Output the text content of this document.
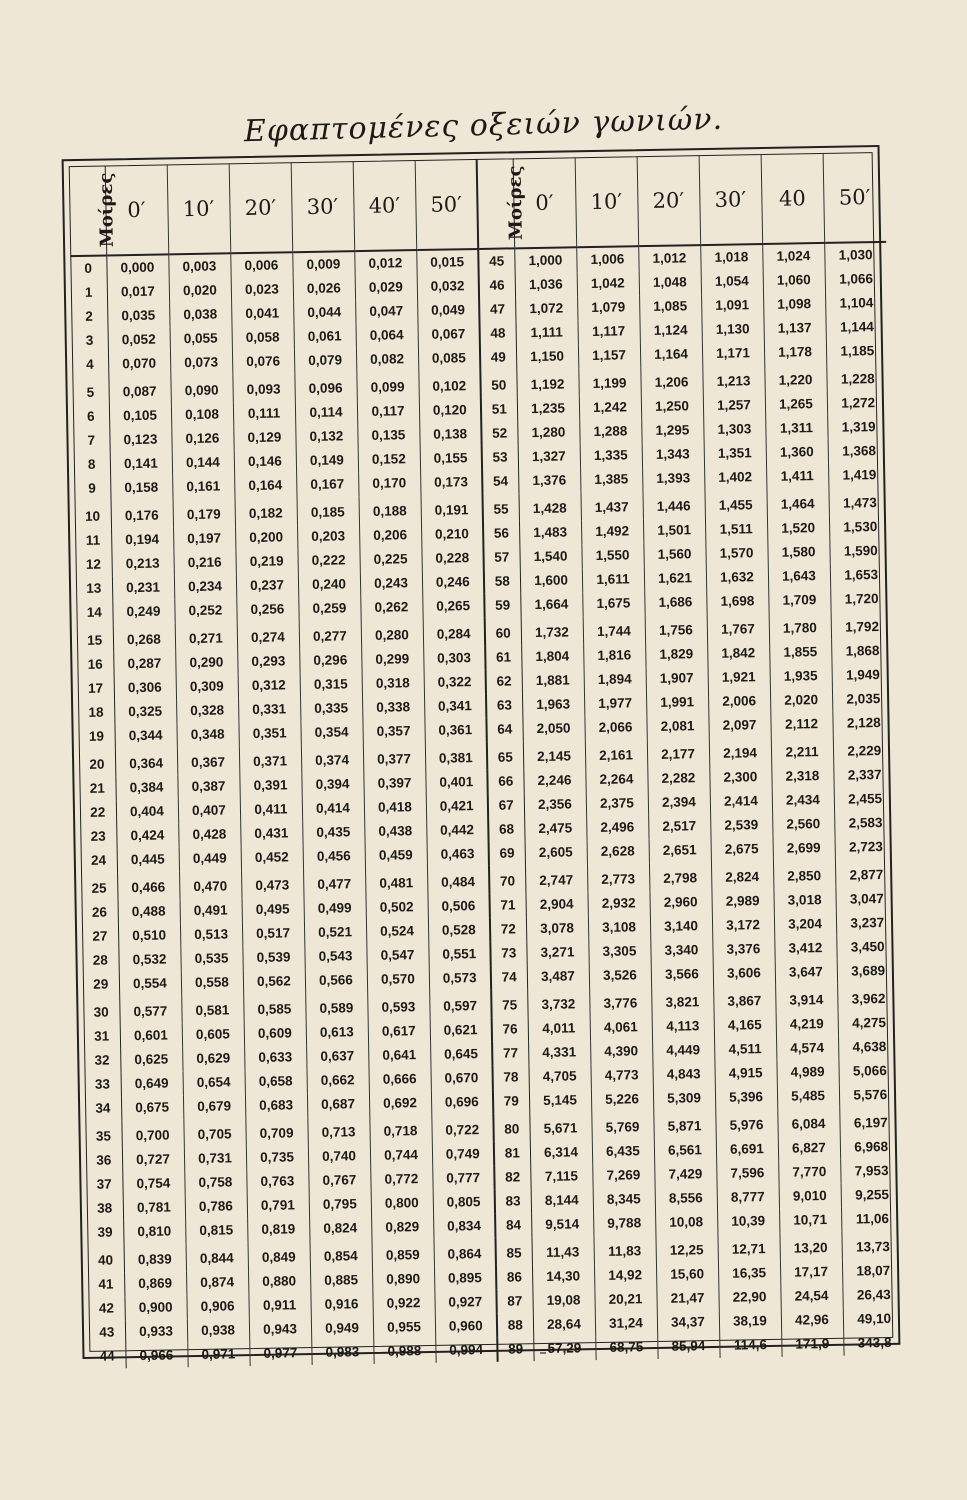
Εφαπτομένες οξειών γωνιών.
Μοίρες	0′	10′	20′	30′	40′	50′	Μοίρες	0′	10′	20′	30′	40	50′
0	0,000	0,003	0,006	0,009	0,012	0,015	45	1,000	1,006	1,012	1,018	1,024	1,030
1	0,017	0,020	0,023	0,026	0,029	0,032	46	1,036	1,042	1,048	1,054	1,060	1,066
2	0,035	0,038	0,041	0,044	0,047	0,049	47	1,072	1,079	1,085	1,091	1,098	1,104
3	0,052	0,055	0,058	0,061	0,064	0,067	48	1,111	1,117	1,124	1,130	1,137	1,144
4	0,070	0,073	0,076	0,079	0,082	0,085	49	1,150	1,157	1,164	1,171	1,178	1,185
5	0,087	0,090	0,093	0,096	0,099	0,102	50	1,192	1,199	1,206	1,213	1,220	1,228
6	0,105	0,108	0,111	0,114	0,117	0,120	51	1,235	1,242	1,250	1,257	1,265	1,272
7	0,123	0,126	0,129	0,132	0,135	0,138	52	1,280	1,288	1,295	1,303	1,311	1,319
8	0,141	0,144	0,146	0,149	0,152	0,155	53	1,327	1,335	1,343	1,351	1,360	1,368
9	0,158	0,161	0,164	0,167	0,170	0,173	54	1,376	1,385	1,393	1,402	1,411	1,419
10	0,176	0,179	0,182	0,185	0,188	0,191	55	1,428	1,437	1,446	1,455	1,464	1,473
11	0,194	0,197	0,200	0,203	0,206	0,210	56	1,483	1,492	1,501	1,511	1,520	1,530
12	0,213	0,216	0,219	0,222	0,225	0,228	57	1,540	1,550	1,560	1,570	1,580	1,590
13	0,231	0,234	0,237	0,240	0,243	0,246	58	1,600	1,611	1,621	1,632	1,643	1,653
14	0,249	0,252	0,256	0,259	0,262	0,265	59	1,664	1,675	1,686	1,698	1,709	1,720
15	0,268	0,271	0,274	0,277	0,280	0,284	60	1,732	1,744	1,756	1,767	1,780	1,792
16	0,287	0,290	0,293	0,296	0,299	0,303	61	1,804	1,816	1,829	1,842	1,855	1,868
17	0,306	0,309	0,312	0,315	0,318	0,322	62	1,881	1,894	1,907	1,921	1,935	1,949
18	0,325	0,328	0,331	0,335	0,338	0,341	63	1,963	1,977	1,991	2,006	2,020	2,035
19	0,344	0,348	0,351	0,354	0,357	0,361	64	2,050	2,066	2,081	2,097	2,112	2,128
20	0,364	0,367	0,371	0,374	0,377	0,381	65	2,145	2,161	2,177	2,194	2,211	2,229
21	0,384	0,387	0,391	0,394	0,397	0,401	66	2,246	2,264	2,282	2,300	2,318	2,337
22	0,404	0,407	0,411	0,414	0,418	0,421	67	2,356	2,375	2,394	2,414	2,434	2,455
23	0,424	0,428	0,431	0,435	0,438	0,442	68	2,475	2,496	2,517	2,539	2,560	2,583
24	0,445	0,449	0,452	0,456	0,459	0,463	69	2,605	2,628	2,651	2,675	2,699	2,723
25	0,466	0,470	0,473	0,477	0,481	0,484	70	2,747	2,773	2,798	2,824	2,850	2,877
26	0,488	0,491	0,495	0,499	0,502	0,506	71	2,904	2,932	2,960	2,989	3,018	3,047
27	0,510	0,513	0,517	0,521	0,524	0,528	72	3,078	3,108	3,140	3,172	3,204	3,237
28	0,532	0,535	0,539	0,543	0,547	0,551	73	3,271	3,305	3,340	3,376	3,412	3,450
29	0,554	0,558	0,562	0,566	0,570	0,573	74	3,487	3,526	3,566	3,606	3,647	3,689
30	0,577	0,581	0,585	0,589	0,593	0,597	75	3,732	3,776	3,821	3,867	3,914	3,962
31	0,601	0,605	0,609	0,613	0,617	0,621	76	4,011	4,061	4,113	4,165	4,219	4,275
32	0,625	0,629	0,633	0,637	0,641	0,645	77	4,331	4,390	4,449	4,511	4,574	4,638
33	0,649	0,654	0,658	0,662	0,666	0,670	78	4,705	4,773	4,843	4,915	4,989	5,066
34	0,675	0,679	0,683	0,687	0,692	0,696	79	5,145	5,226	5,309	5,396	5,485	5,576
35	0,700	0,705	0,709	0,713	0,718	0,722	80	5,671	5,769	5,871	5,976	6,084	6,197
36	0,727	0,731	0,735	0,740	0,744	0,749	81	6,314	6,435	6,561	6,691	6,827	6,968
37	0,754	0,758	0,763	0,767	0,772	0,777	82	7,115	7,269	7,429	7,596	7,770	7,953
38	0,781	0,786	0,791	0,795	0,800	0,805	83	8,144	8,345	8,556	8,777	9,010	9,255
39	0,810	0,815	0,819	0,824	0,829	0,834	84	9,514	9,788	10,08	10,39	10,71	11,06
40	0,839	0,844	0,849	0,854	0,859	0,864	85	11,43	11,83	12,25	12,71	13,20	13,73
41	0,869	0,874	0,880	0,885	0,890	0,895	86	14,30	14,92	15,60	16,35	17,17	18,07
42	0,900	0,906	0,911	0,916	0,922	0,927	87	19,08	20,21	21,47	22,90	24,54	26,43
43	0,933	0,938	0,943	0,949	0,955	0,960	88	28,64	31,24	34,37	38,19	42,96	49,10
44	0,966	0,971	0,977	0,983	0,988	0,994	89	57,29	68,75	85,94	114,6	171,9	343,8
